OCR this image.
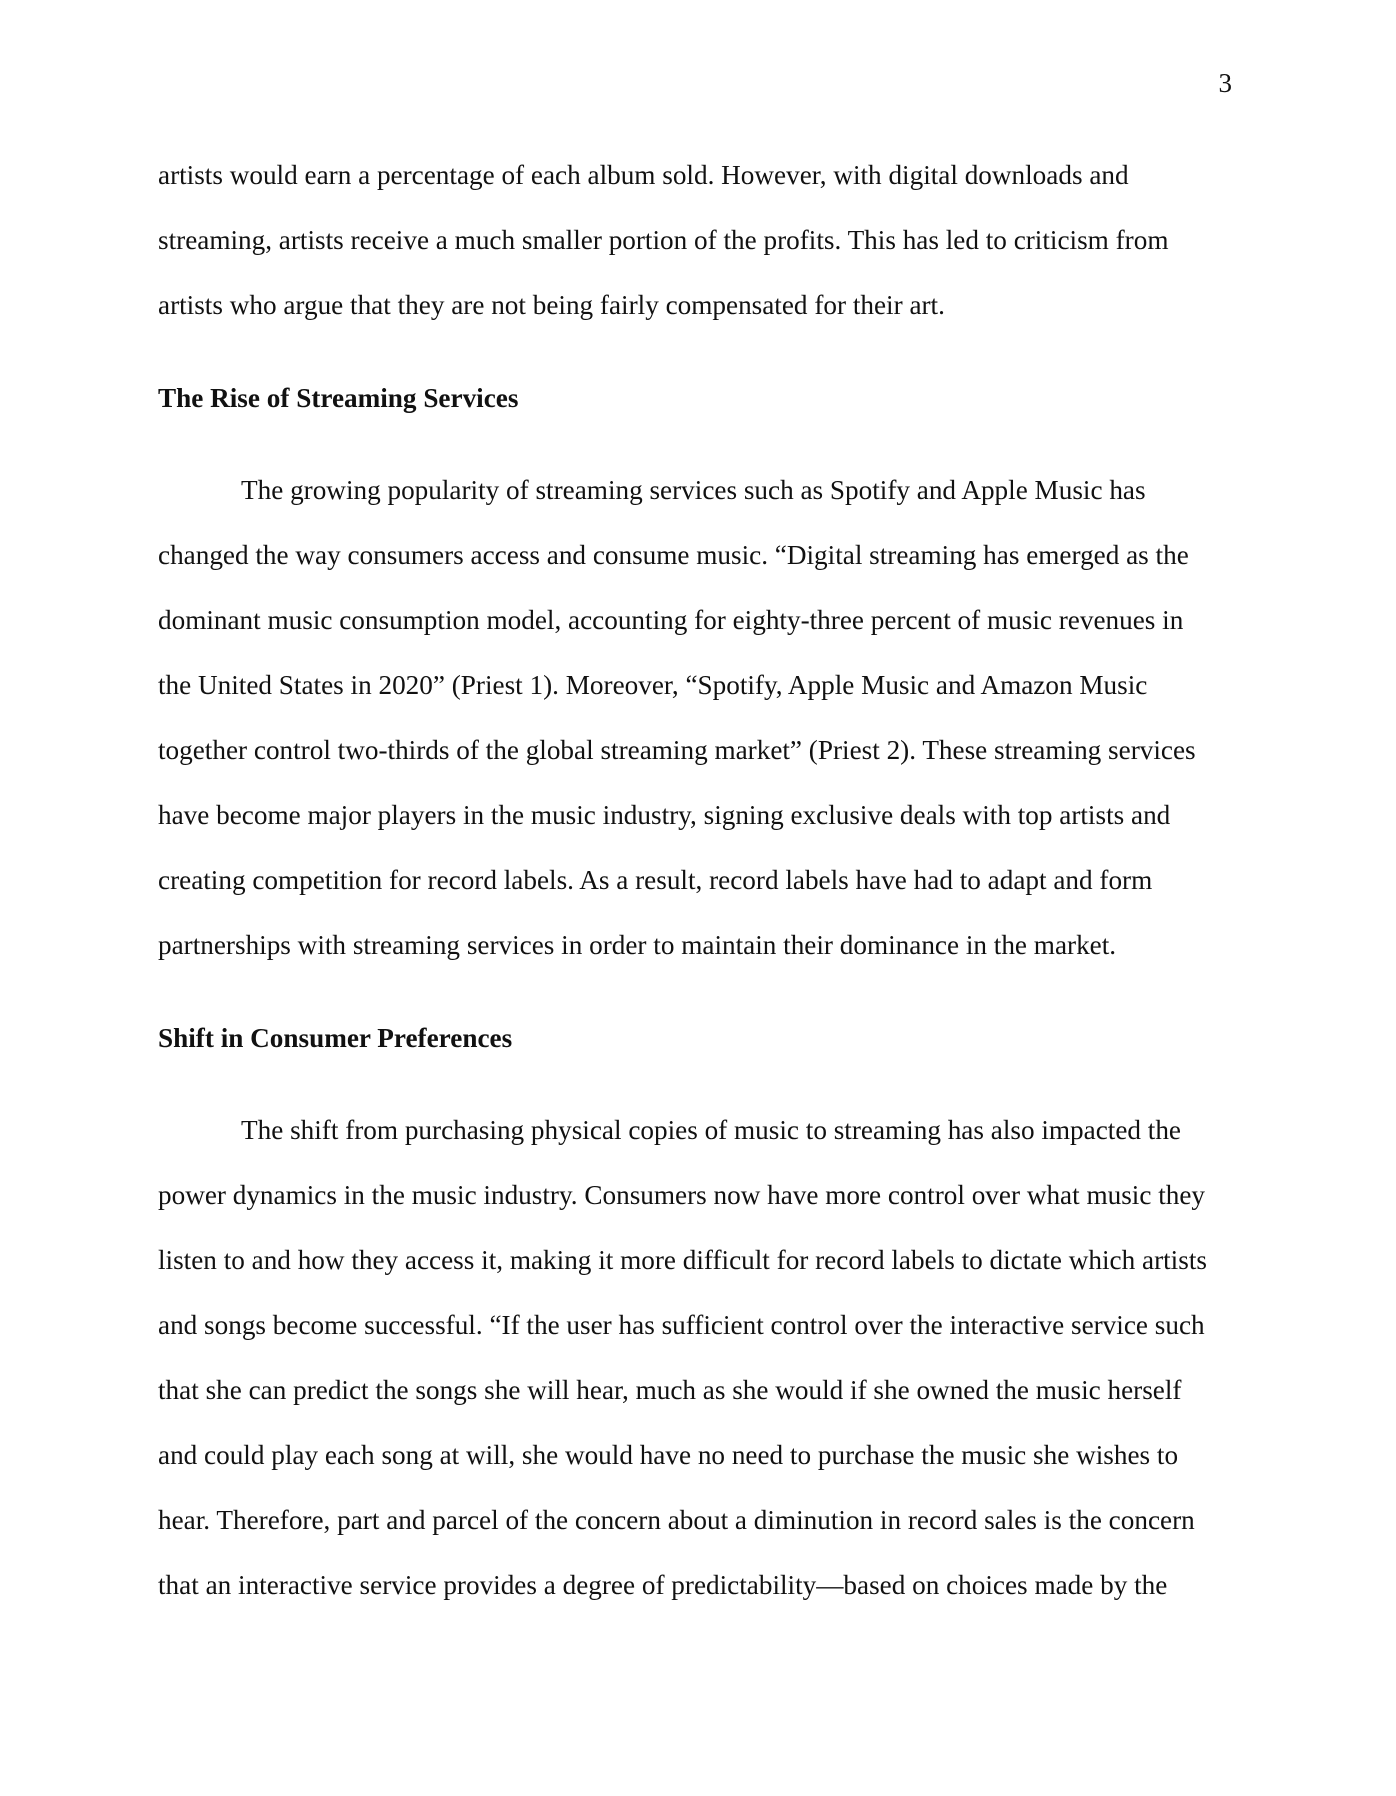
3
artists would earn a percentage of each album sold. However, with digital downloads and
streaming, artists receive a much smaller portion of the profits. This has led to criticism from
artists who argue that they are not being fairly compensated for their art.
The Rise of Streaming Services
The growing popularity of streaming services such as Spotify and Apple Music has
changed the way consumers access and consume music. “Digital streaming has emerged as the
dominant music consumption model, accounting for eighty-three percent of music revenues in
the United States in 2020” (Priest 1). Moreover, “Spotify, Apple Music and Amazon Music
together control two-thirds of the global streaming market” (Priest 2). These streaming services
have become major players in the music industry, signing exclusive deals with top artists and
creating competition for record labels. As a result, record labels have had to adapt and form
partnerships with streaming services in order to maintain their dominance in the market.
Shift in Consumer Preferences
The shift from purchasing physical copies of music to streaming has also impacted the
power dynamics in the music industry. Consumers now have more control over what music they
listen to and how they access it, making it more difficult for record labels to dictate which artists
and songs become successful. “If the user has sufficient control over the interactive service such
that she can predict the songs she will hear, much as she would if she owned the music herself
and could play each song at will, she would have no need to purchase the music she wishes to
hear. Therefore, part and parcel of the concern about a diminution in record sales is the concern
that an interactive service provides a degree of predictability—based on choices made by the
